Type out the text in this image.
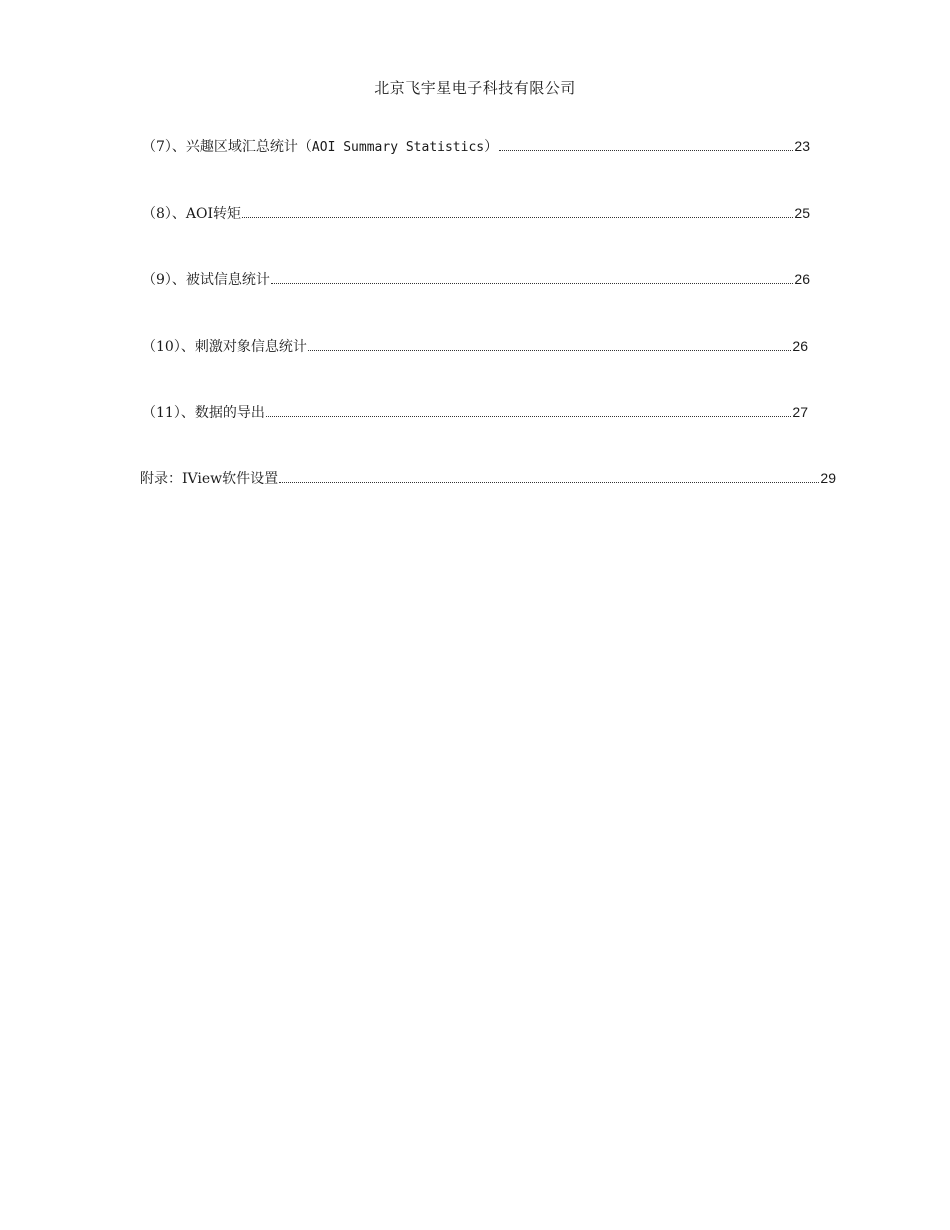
北京飞宇星电子科技有限公司
（7）、兴趣区域汇总统计（AOI Summary Statistics）	23
（8）、AOI转矩	25
（9）、被试信息统计	26
（10）、刺激对象信息统计	26
（11）、数据的导出	27
附录：IView软件设置	29
